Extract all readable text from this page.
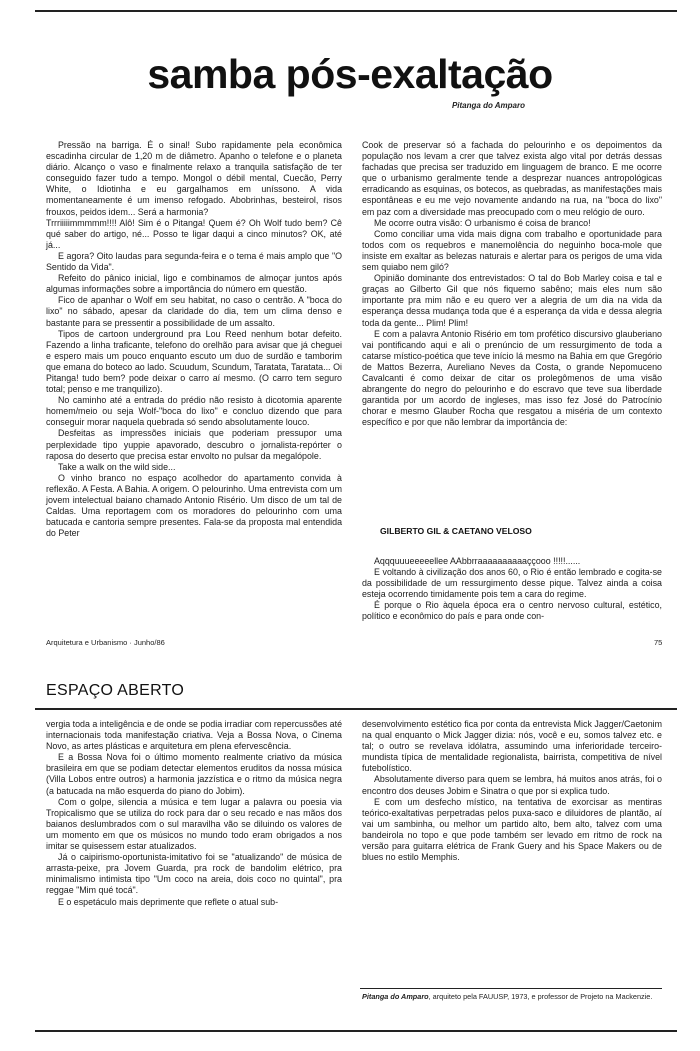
samba pós-exaltação
Pitanga do Amparo

Pressão na barriga. É o sinal! Subo rapidamente pela econômica escadinha circular de 1,20 m de diâmetro. Apanho o telefone e o planeta diário. Alcanço o vaso e finalmente relaxo a tranquila satisfação de ter conseguido fazer tudo a tempo. Mongol o débil mental, Cuecão, Perry White, o Idiotinha e eu gargalhamos em uníssono. A vida momentaneamente é um imenso refogado. Abobrinhas, besteirol, risos frouxos, peidos idem... Será a harmonia?

Trrriiiiimmmmm!!!! Alô! Sim é o Pitanga! Quem é? Oh Wolf tudo bem? Cê qué saber do artigo, né... Posso te ligar daqui a cinco minutos? OK, até já...

E agora? Oito laudas para segunda-feira e o tema é mais amplo que "O Sentido da Vida".

Refeito do pânico inicial, ligo e combinamos de almoçar juntos após algumas informações sobre a importância do número em questão.

Fico de apanhar o Wolf em seu habitat, no caso o centrão. A "boca do lixo" no sábado, apesar da claridade do dia, tem um clima denso e bastante para se pressentir a possibilidade de um assalto.

Tipos de cartoon underground pra Lou Reed nenhum botar defeito. Fazendo a linha traficante, telefono do orelhão para avisar que já cheguei e espero mais um pouco enquanto escuto um duo de surdão e tamborim que emana do boteco ao lado. Scuudum, Scundum, Taratata, Taratata... Oi Pitanga! tudo bem? pode deixar o carro aí mesmo. (O carro tem seguro total; penso e me tranquilizo).

No caminho até a entrada do prédio não resisto à dicotomia aparente homem/meio ou seja Wolf-"boca do lixo" e concluo dizendo que para conseguir morar naquela quebrada só sendo absolutamente louco.

Desfeitas as impressões iniciais que poderiam pressupor uma perplexidade tipo yuppie apavorado, descubro o jornalista-repórter o raposa do deserto que precisa estar envolto no pulsar da megalópole.

Take a walk on the wild side...

O vinho branco no espaço acolhedor do apartamento convida à reflexão. A Festa. A Bahia. A origem. O pelourinho. Uma entrevista com um jovem intelectual baiano chamado Antonio Risério. Um disco de um tal de Caldas. Uma reportagem com os moradores do pelourinho com uma batucada e cantoria sempre presentes. Fala-se da proposta mal entendida do Peter

Cook de preservar só a fachada do pelourinho e os depoimentos da população nos levam a crer que talvez exista algo vital por detrás dessas fachadas que precisa ser traduzido em linguagem de branco. E me ocorre que o urbanismo geralmente tende a desprezar nuances antropológicas erradicando as esquinas, os botecos, as quebradas, as manifestações mais espontâneas e eu me vejo novamente andando na rua, na "boca do lixo" em paz com a diversidade mas preocupado com o meu relógio de ouro.

Me ocorre outra visão: O urbanismo é coisa de branco!

Como conciliar uma vida mais digna com trabalho e oportunidade para todos com os requebros e manemolência do neguinho boca-mole que insiste em exaltar as belezas naturais e alertar para os perigos de uma vida sem quiabo nem giló?

Opinião dominante dos entrevistados: O tal do Bob Marley coisa e tal e graças ao Gilberto Gil que nós fiquemo sabêno; mais eles num são importante pra mim não e eu quero ver a alegria de um dia na vida da esperança dessa mudança toda que é a esperança da vida e dessa alegria toda da gente... Plim! Plim!

E com a palavra Antonio Risério em tom profético discursivo glauberiano vai pontificando aqui e ali o prenúncio de um ressurgimento de toda a catarse místico-poética que teve início lá mesmo na Bahia em que Gregório de Mattos Bezerra, Aureliano Neves da Costa, o grande Nepomuceno Cavalcanti é como deixar de citar os prolegômenos de uma visão abrangente do negro do pelourinho e do escravo que teve sua liberdade garantida por um acordo de ingleses, mas isso fez José do Patrocínio chorar e mesmo Glauber Rocha que resgatou a miséria de um contexto específico e por que não lembrar da importância de:

GILBERTO GIL & CAETANO VELOSO

Aqqquuueeeeellee AAbbrraaaaaaaaaaççooo !!!!!......

E voltando à civilização dos anos 60, o Rio é então lembrado e cogita-se da possibilidade de um ressurgimento desse pique. Talvez ainda a coisa esteja ocorrendo timidamente pois tem a cara do regime.

É porque o Rio àquela época era o centro nervoso cultural, estético, político e econômico do país e para onde con-

Arquitetura e Urbanismo · Junho/86	75
ESPAÇO ABERTO

vergia toda a inteligência e de onde se podia irradiar com repercussões até internacionais toda manifestação criativa. Veja a Bossa Nova, o Cinema Novo, as artes plásticas e arquitetura em plena efervescência.

E a Bossa Nova foi o último momento realmente criativo da música brasileira em que se podiam detectar elementos eruditos da nossa música (Villa Lobos entre outros) a harmonia jazzística e o ritmo da música negra (a batucada na mão esquerda do piano do Jobim).

Com o golpe, silencia a música e tem lugar a palavra ou poesia via Tropicalismo que se utiliza do rock para dar o seu recado e nas mãos dos baianos deslumbrados com o sul maravilha vão se diluindo os valores de um momento em que os músicos no mundo todo eram obrigados a nos imitar se quisessem estar atualizados.

Já o caipirismo-oportunista-imitativo foi se "atualizando" de música de arrasta-peixe, pra Jovem Guarda, pra rock de bandolim elétrico, pra minimalismo intimista tipo "Um coco na areia, dois coco no quintal", pra reggae "Mim qué tocá".

E o espetáculo mais deprimente que reflete o atual sub-

desenvolvimento estético fica por conta da entrevista Mick Jagger/Caetonim na qual enquanto o Mick Jagger dizia: nós, você e eu, somos talvez etc. e tal; o outro se revelava idólatra, assumindo uma inferioridade terceiro-mundista típica de mentalidade regionalista, bairrista, competitiva de nível futebolístico.

Absolutamente diverso para quem se lembra, há muitos anos atrás, foi o encontro dos deuses Jobim e Sinatra o que por si explica tudo.

E com um desfecho místico, na tentativa de exorcisar as mentiras teórico-exaltativas perpetradas pelos puxa-saco e diluidores de plantão, aí vai um sambinha, ou melhor um partido alto, bem alto, talvez com uma bandeirola no topo e que pode também ser levado em ritmo de rock na versão para guitarra elétrica de Frank Guery and his Space Makers ou de blues no estilo Memphis.

Pitanga do Amparo, arquiteto pela FAUUSP, 1973, e professor de Projeto na Mackenzie.
